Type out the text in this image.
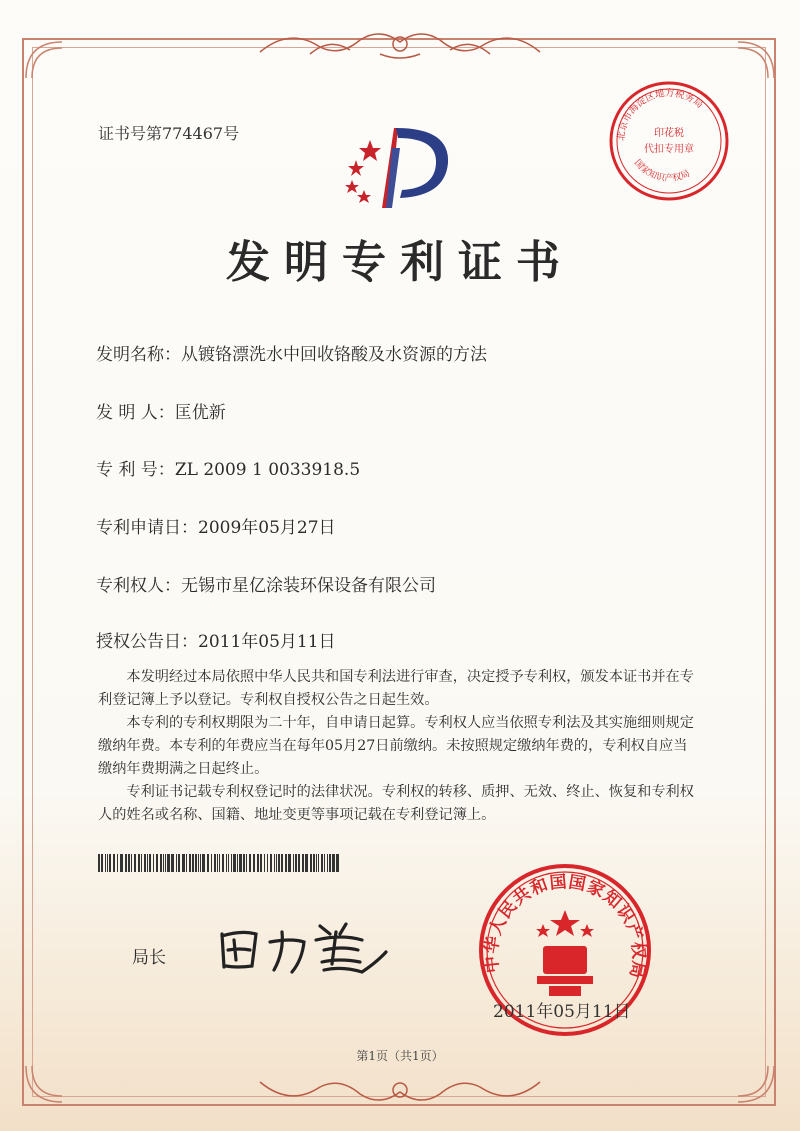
证书号第774467号	北京市海淀区地方税务局
印花税
代扣专用章
国家知识产权局
发明专利证书
发明名称：从镀铬漂洗水中回收铬酸及水资源的方法
发 明 人：匡优新
专 利 号：ZL 2009 1 0033918.5
专利申请日：2009年05月27日
专利权人：无锡市星亿涂装环保设备有限公司
授权公告日：2011年05月11日

本发明经过本局依照中华人民共和国专利法进行审查，决定授予专利权，颁发本证书并在专利登记簿上予以登记。专利权自授权公告之日起生效。

本专利的专利权期限为二十年，自申请日起算。专利权人应当依照专利法及其实施细则规定缴纳年费。本专利的年费应当在每年05月27日前缴纳。未按照规定缴纳年费的，专利权自应当缴纳年费期满之日起终止。

专利证书记载专利权登记时的法律状况。专利权的转移、质押、无效、终止、恢复和专利权人的姓名或名称、国籍、地址变更等事项记载在专利登记簿上。

局长	中华人民共和国国家知识产权局
2011年05月11日
第1页（共1页）
